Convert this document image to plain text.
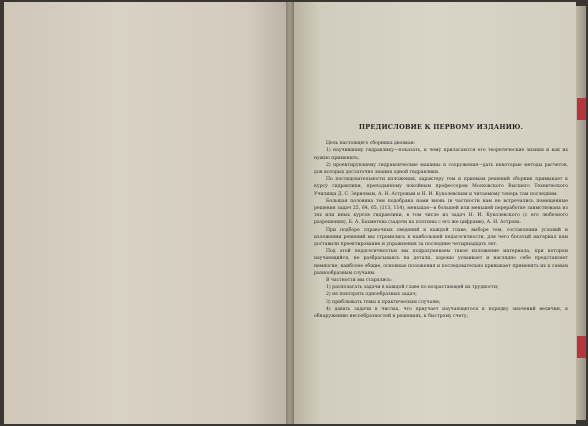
ПРЕДИСЛОВИЕ К ПЕРВОМУ ИЗДАНИЮ.

Цель настоящего сборника двоякая:

1) научившему гидравлику—показать, к чему прилагаются его теоретические знания и как их нужно применить;

2) проектирующему гидравлические машины и сооружения—дать некоторые методы расчетов, для которых достаточно знания одной гидравлики.

По последовательности изложения, характеру тем и приемам решений сборник примыкает к курсу гидравлики, преподанному покойным профессором Московского Высшего Технического Училища Д. С. Зерновым, А. Н. Астровым и Н. И. Куколевским и читаемому теперь там последним.

Большая половина тем подобрана нами вновь (в частности нам не встречались помещенные решения задач 25, 64, 65, (113, 114), меньшая—в большей или меньшей переработке заимствована из тех или иных курсов гидравлики, в том числе из задач Н. И. Куколевского (с его любезного разрешения), Б. А. Бахметева (задачи на плотины с его же цифрами), А. Н. Астрова.

При подборе справочных сведений к каждой главе, выборе тем, составлении условий и изложении решений мы стремились к наибольшей педагогичности, для чего богатый материал нам доставили проектирование и упражнения за последние четырнадцать лет.

Под этой педагогичностью мы подразумеваем такое изложение материала, при котором научающийся, не разбрасываясь на детали, хорошо усваивает и наглядно себе представляет немногие, наиболее общие, основные положения и последовательно привыкает применять их к самым разнообразным случаям.

В частности мы старались:

1) располагать задачи в каждой главе по возрастающей их трудности;

2) не повторять однообразных задач;

3) приближать темы к практическим случаям;

4) давать задачи в числах, что приучает научающегося к порядку значений величин, к обнаружению несообразностей в решениях, к быстрому счету;
